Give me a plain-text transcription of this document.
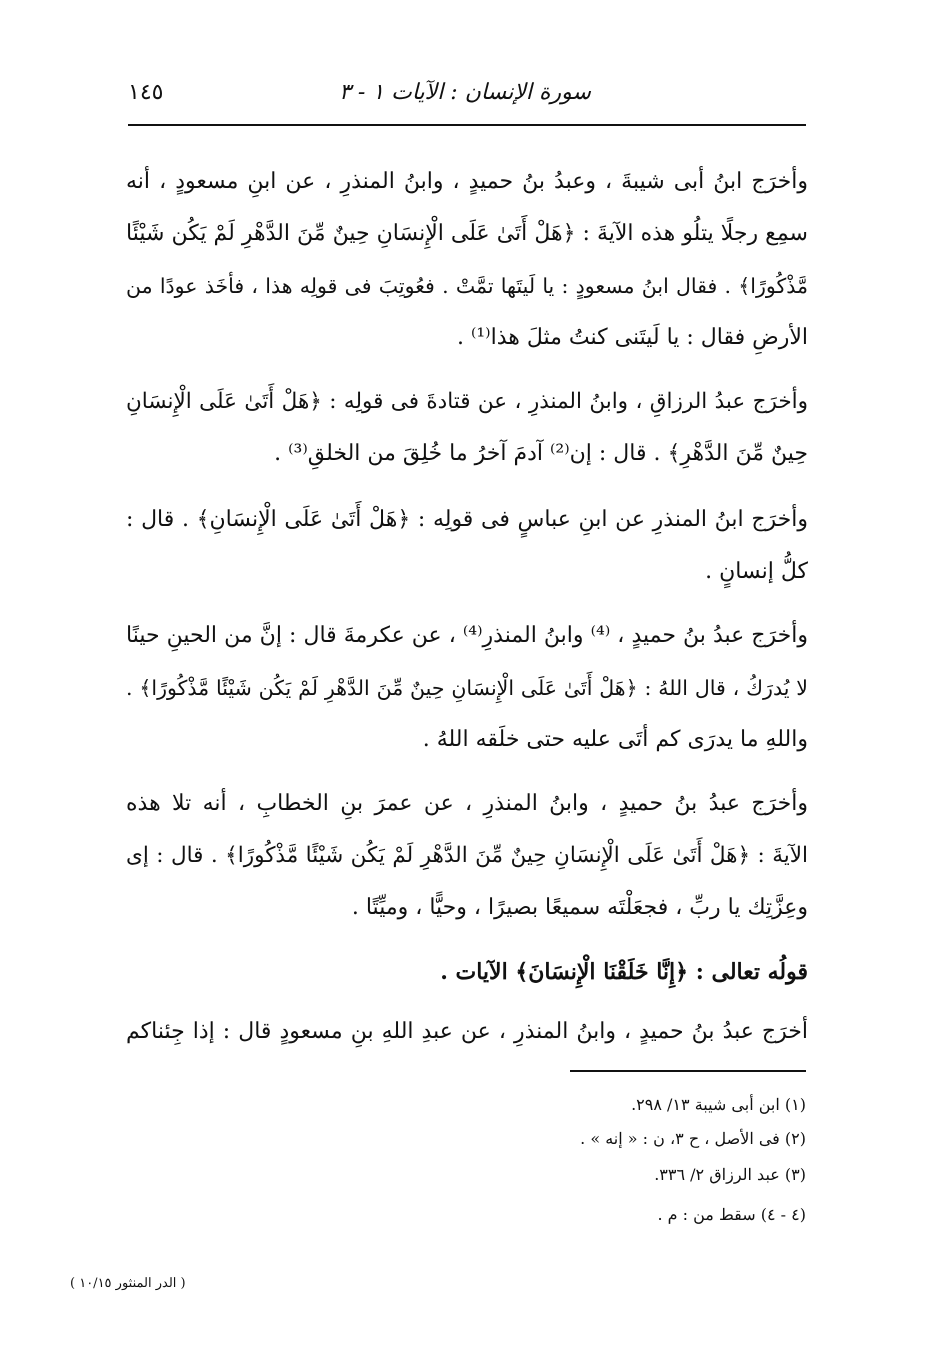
سورة الإنسان : الآيات ١ - ٣
١٤٥
وأخرَج ابنُ أبى شيبةَ ، وعبدُ بنُ حميدٍ ، وابنُ المنذرِ ، عن ابنِ مسعودٍ ، أنه
سمِع رجلًا يتلُو هذه الآيةَ : ﴿هَلْ أَتَىٰ عَلَى الْإِنسَانِ حِينٌ مِّنَ الدَّهْرِ لَمْ يَكُن شَيْئًا
مَّذْكُورًا﴾ . فقال ابنُ مسعودٍ : يا لَيتَها تمَّتْ . فعُوتِبَ فى قولِه هذا ، فأخَذ عودًا من
الأرضِ فقال : يا لَيتَنى كنتُ مثلَ هذا⁽¹⁾ .
وأخرَج عبدُ الرزاقِ ، وابنُ المنذرِ ، عن قتادةَ فى قولِه : ﴿هَلْ أَتَىٰ عَلَى الْإِنسَانِ
حِينٌ مِّنَ الدَّهْرِ﴾ . قال : إن⁽²⁾ آدمَ آخرُ ما خُلِقَ من الخلقِ⁽³⁾ .
وأخرَج ابنُ المنذرِ عن ابنِ عباسٍ فى قولِه : ﴿هَلْ أَتَىٰ عَلَى الْإِنسَانِ﴾ . قال :
كلُّ إنسانٍ .
وأخرَج عبدُ بنُ حميدٍ ، ⁽⁴⁾ وابنُ المنذرِ⁽⁴⁾ ، عن عكرمةَ قال : إنَّ من الحينِ حينًا
لا يُدرَكُ ، قال اللهُ : ﴿هَلْ أَتَىٰ عَلَى الْإِنسَانِ حِينٌ مِّنَ الدَّهْرِ لَمْ يَكُن شَيْئًا مَّذْكُورًا﴾ .
واللهِ ما يدرَى كم أتَى عليه حتى خلَقه اللهُ .
وأخرَج عبدُ بنُ حميدٍ ، وابنُ المنذرِ ، عن عمرَ بنِ الخطابِ ، أنه تلا هذه
الآيةَ : ﴿هَلْ أَتَىٰ عَلَى الْإِنسَانِ حِينٌ مِّنَ الدَّهْرِ لَمْ يَكُن شَيْئًا مَّذْكُورًا﴾ . قال : إى
وعِزَّتِك يا ربِّ ، فجعَلْتَه سميعًا بصيرًا ، وحيًّا ، وميِّتًا .
قولُه تعالى : ﴿إِنَّا خَلَقْنَا الْإِنسَانَ﴾ الآيات .
أخرَج عبدُ بنُ حميدٍ ، وابنُ المنذرِ ، عن عبدِ اللهِ بنِ مسعودٍ قال : إذا جِئناكم
(١) ابن أبى شيبة ١٣/ ٢٩٨.
(٢) فى الأصل ، ح ٣، ن : « إنه » .
(٣) عبد الرزاق ٢/ ٣٣٦.
(٤ - ٤) سقط من : م .
( الدر المنثور ١٠/١٥ )
